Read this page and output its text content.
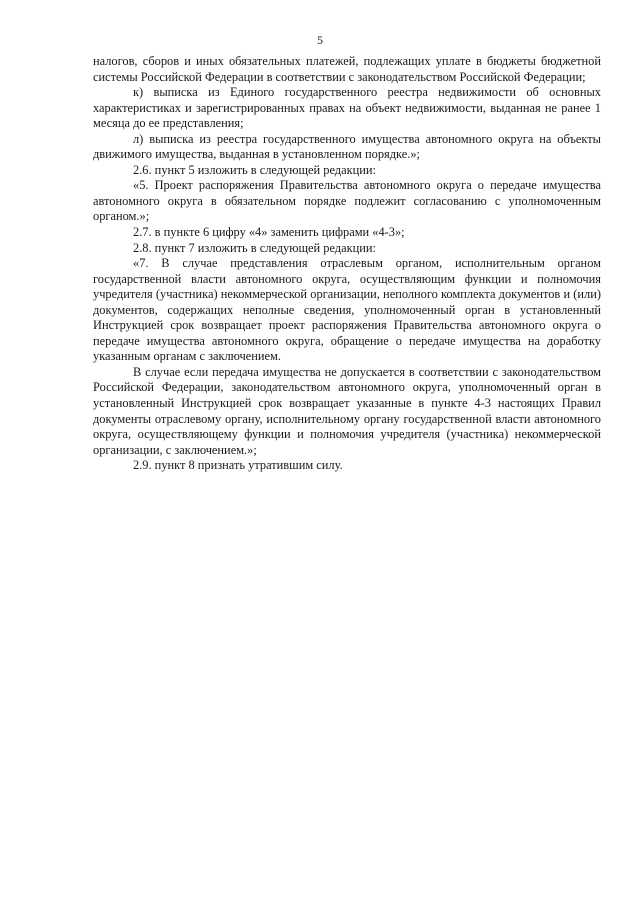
5

налогов, сборов и иных обязательных платежей, подлежащих уплате в бюджеты бюджетной системы Российской Федерации в соответствии с законодательством Российской Федерации;

к) выписка из Единого государственного реестра недвижимости об основных характеристиках и зарегистрированных правах на объект недвижимости, выданная не ранее 1 месяца до ее представления;

л) выписка из реестра государственного имущества автономного округа на объекты движимого имущества, выданная в установленном порядке.»;

2.6. пункт 5 изложить в следующей редакции:

«5. Проект распоряжения Правительства автономного округа о передаче имущества автономного округа в обязательном порядке подлежит согласованию с уполномоченным органом.»;

2.7. в пункте 6 цифру «4» заменить цифрами «4-3»;

2.8. пункт 7 изложить в следующей редакции:

«7. В случае представления отраслевым органом, исполнительным органом государственной власти автономного округа, осуществляющим функции и полномочия учредителя (участника) некоммерческой организации, неполного комплекта документов и (или) документов, содержащих неполные сведения, уполномоченный орган в установленный Инструкцией срок возвращает проект распоряжения Правительства автономного округа о передаче имущества автономного округа, обращение о передаче имущества на доработку указанным органам с заключением.

В случае если передача имущества не допускается в соответствии с законодательством Российской Федерации, законодательством автономного округа, уполномоченный орган в установленный Инструкцией срок возвращает указанные в пункте 4-3 настоящих Правил документы отраслевому органу, исполнительному органу государственной власти автономного округа, осуществляющему функции и полномочия учредителя (участника) некоммерческой организации, с заключением.»;

2.9. пункт 8 признать утратившим силу.
